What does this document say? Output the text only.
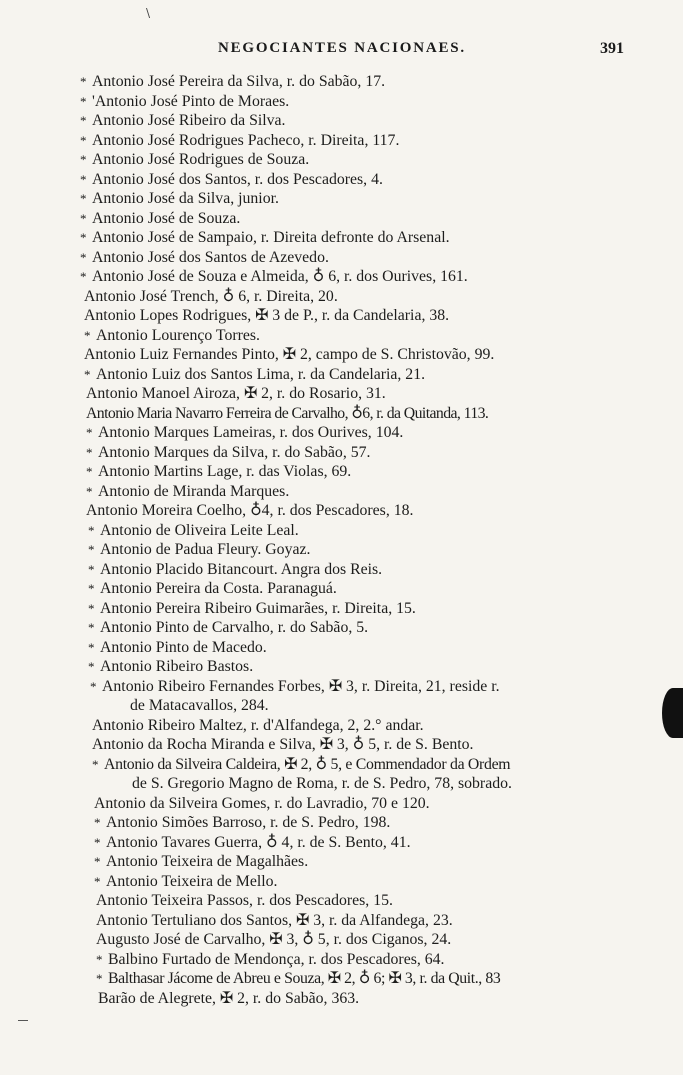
\
NEGOCIANTES NACIONAES.	391
* Antonio José Pereira da Silva, r. do Sabão, 17.
* 'Antonio José Pinto de Moraes.
* Antonio José Ribeiro da Silva.
* Antonio José Rodrigues Pacheco, r. Direita, 117.
* Antonio José Rodrigues de Souza.
* Antonio José dos Santos, r. dos Pescadores, 4.
* Antonio José da Silva, junior.
* Antonio José de Souza.
* Antonio José de Sampaio, r. Direita defronte do Arsenal.
* Antonio José dos Santos de Azevedo.
* Antonio José de Souza e Almeida, ♁ 6, r. dos Ourives, 161.
Antonio José Trench, ♁ 6, r. Direita, 20.
Antonio Lopes Rodrigues, ✠ 3 de P., r. da Candelaria, 38.
* Antonio Lourenço Torres.
Antonio Luiz Fernandes Pinto, ✠ 2, campo de S. Christovão, 99.
* Antonio Luiz dos Santos Lima, r. da Candelaria, 21.
Antonio Manoel Airoza, ✠ 2, r. do Rosario, 31.
Antonio Maria Navarro Ferreira de Carvalho, ♁6, r. da Quitanda, 113.
* Antonio Marques Lameiras, r. dos Ourives, 104.
* Antonio Marques da Silva, r. do Sabão, 57.
* Antonio Martins Lage, r. das Violas, 69.
* Antonio de Miranda Marques.
Antonio Moreira Coelho, ♁4, r. dos Pescadores, 18.
* Antonio de Oliveira Leite Leal.
* Antonio de Padua Fleury. Goyaz.
* Antonio Placido Bitancourt. Angra dos Reis.
* Antonio Pereira da Costa. Paranaguá.
* Antonio Pereira Ribeiro Guimarães, r. Direita, 15.
* Antonio Pinto de Carvalho, r. do Sabão, 5.
* Antonio Pinto de Macedo.
* Antonio Ribeiro Bastos.
* Antonio Ribeiro Fernandes Forbes, ✠ 3, r. Direita, 21, reside r.
de Matacavallos, 284.
Antonio Ribeiro Maltez, r. d'Alfandega, 2, 2.° andar.
Antonio da Rocha Miranda e Silva, ✠ 3, ♁ 5, r. de S. Bento.
* Antonio da Silveira Caldeira, ✠ 2, ♁ 5, e Commendador da Ordem
de S. Gregorio Magno de Roma, r. de S. Pedro, 78, sobrado.
Antonio da Silveira Gomes, r. do Lavradio, 70 e 120.
* Antonio Simões Barroso, r. de S. Pedro, 198.
* Antonio Tavares Guerra, ♁ 4, r. de S. Bento, 41.
* Antonio Teixeira de Magalhães.
* Antonio Teixeira de Mello.
Antonio Teixeira Passos, r. dos Pescadores, 15.
Antonio Tertuliano dos Santos, ✠ 3, r. da Alfandega, 23.
Augusto José de Carvalho, ✠ 3, ♁ 5, r. dos Ciganos, 24.
* Balbino Furtado de Mendonça, r. dos Pescadores, 64.
* Balthasar Jácome de Abreu e Souza, ✠ 2, ♁ 6; ✠ 3, r. da Quit., 83
Barão de Alegrete, ✠ 2, r. do Sabão, 363.
